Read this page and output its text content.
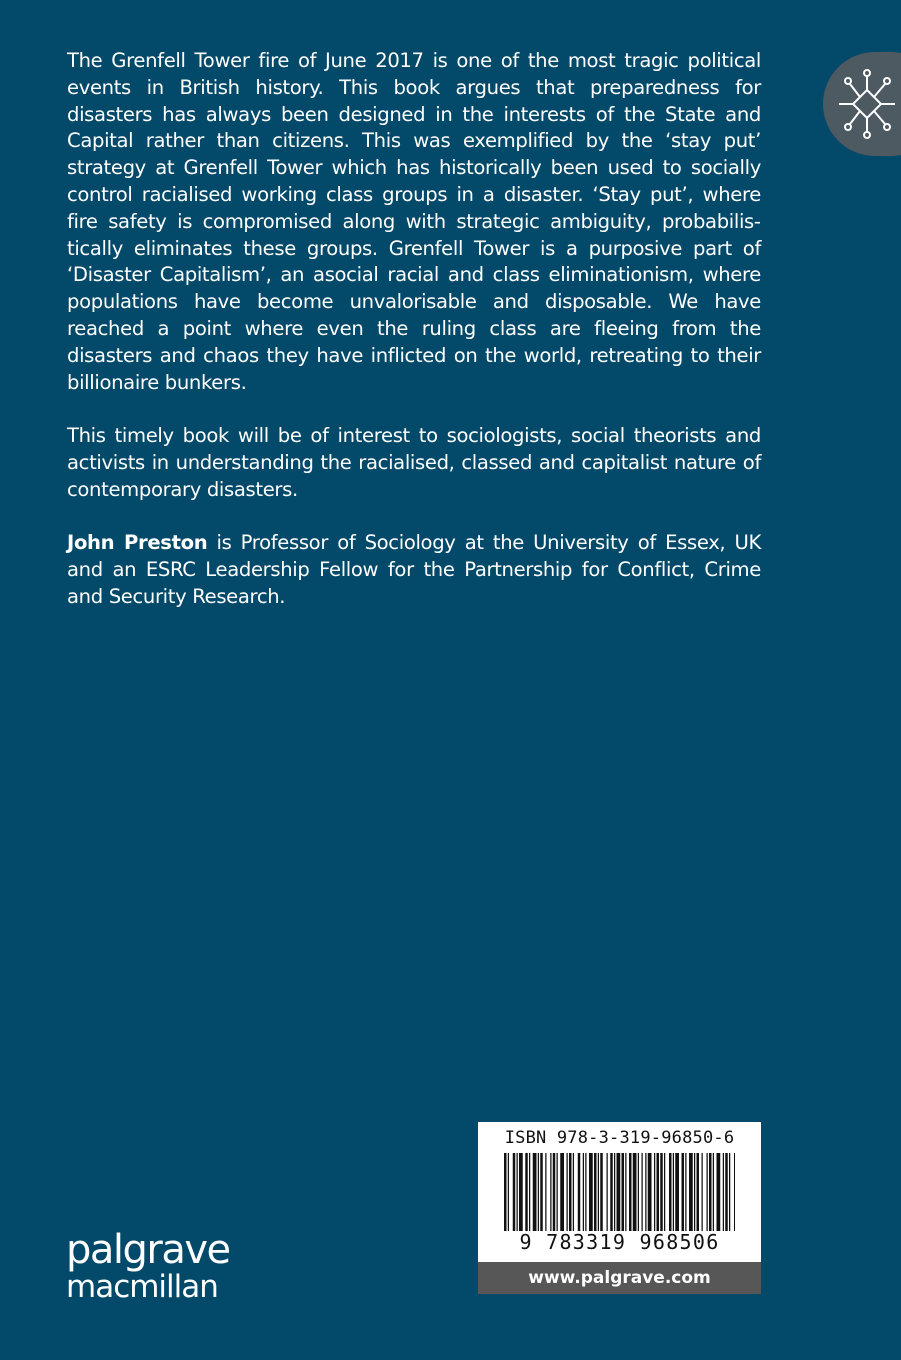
The Grenfell Tower fire of June 2017 is one of the most tragic political events in British history. This book argues that preparedness for disasters has always been designed in the interests of the State and Capital rather than citizens. This was exemplified by the ‘stay put’ strategy at Grenfell Tower which has historically been used to socially control racialised working class groups in a disaster. ‘Stay put’, where fire safety is compromised along with strategic ambiguity, probabilistically eliminates these groups. Grenfell Tower is a purposive part of ‘Disaster Capitalism’, an asocial racial and class eliminationism, where populations have become unvalorisable and disposable. We have reached a point where even the ruling class are fleeing from the disasters and chaos they have inflicted on the world, retreating to their billionaire bunkers.

This timely book will be of interest to sociologists, social theorists and activists in understanding the racialised, classed and capitalist nature of contemporary disasters.

John Preston is Professor of Sociology at the University of Essex, UK and an ESRC Leadership Fellow for the Partnership for Conflict, Crime and Security Research.

palgrave
macmillan
ISBN 978-3-319-96850-6
9 783319 968506
www.palgrave.com
